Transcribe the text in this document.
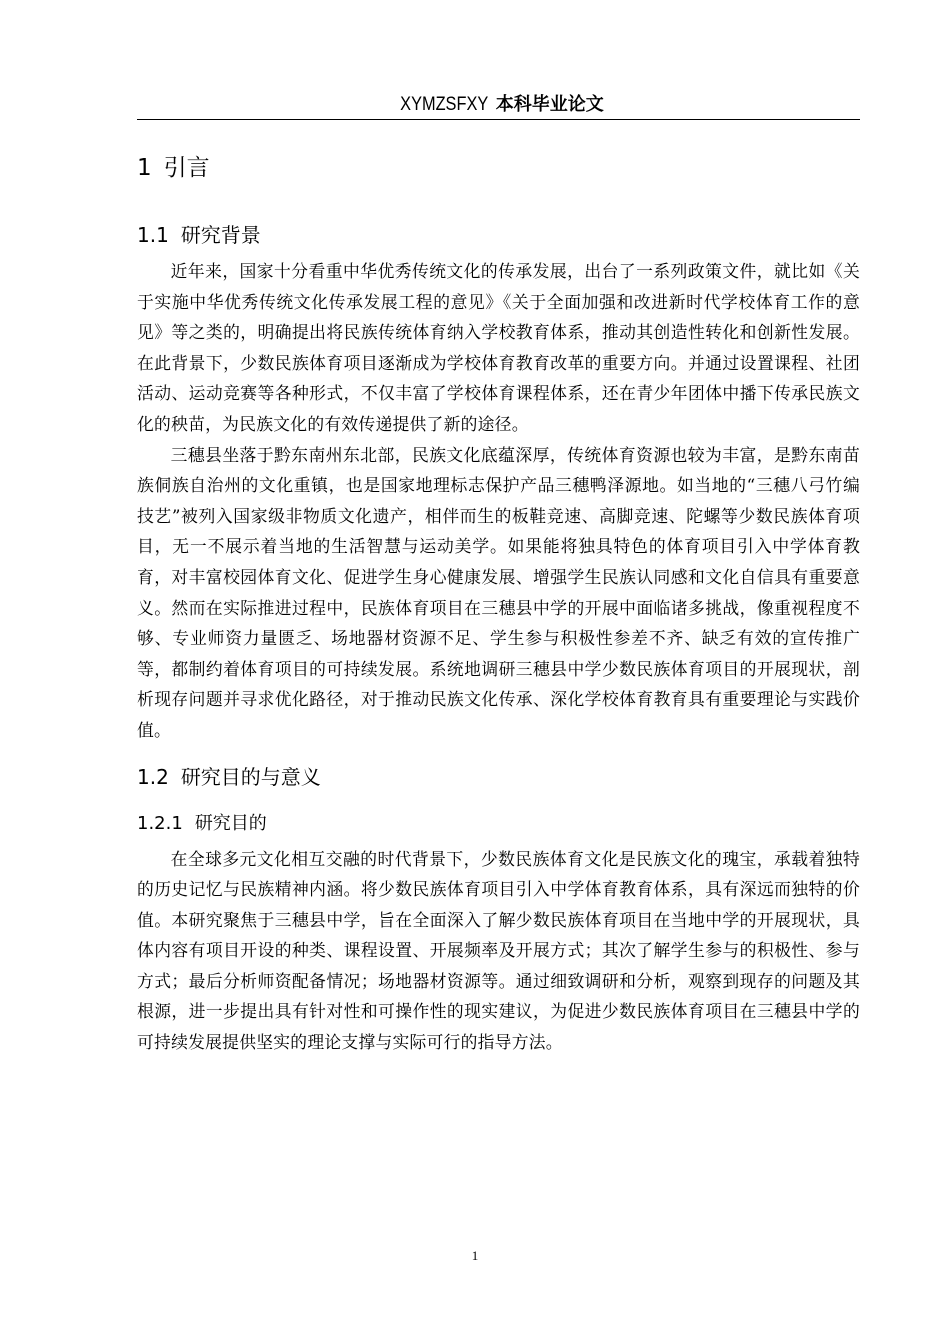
XYMZSFXY 本科毕业论文
1 引言
1.1 研究背景

近年来，国家十分看重中华优秀传统文化的传承发展，出台了一系列政策文件，就比如《关于实施中华优秀传统文化传承发展工程的意见》《关于全面加强和改进新时代学校体育工作的意见》等之类的，明确提出将民族传统体育纳入学校教育体系，推动其创造性转化和创新性发展。在此背景下，少数民族体育项目逐渐成为学校体育教育改革的重要方向。并通过设置课程、社团活动、运动竞赛等各种形式，不仅丰富了学校体育课程体系，还在青少年团体中播下传承民族文化的秧苗，为民族文化的有效传递提供了新的途径。

三穗县坐落于黔东南州东北部，民族文化底蕴深厚，传统体育资源也较为丰富，是黔东南苗族侗族自治州的文化重镇，也是国家地理标志保护产品三穗鸭泽源地。如当地的“三穗八弓竹编技艺”被列入国家级非物质文化遗产，相伴而生的板鞋竞速、高脚竞速、陀螺等少数民族体育项目，无一不展示着当地的生活智慧与运动美学。如果能将独具特色的体育项目引入中学体育教育，对丰富校园体育文化、促进学生身心健康发展、增强学生民族认同感和文化自信具有重要意义。然而在实际推进过程中，民族体育项目在三穗县中学的开展中面临诸多挑战，像重视程度不够、专业师资力量匮乏、场地器材资源不足、学生参与积极性参差不齐、缺乏有效的宣传推广等，都制约着体育项目的可持续发展。系统地调研三穗县中学少数民族体育项目的开展现状，剖析现存问题并寻求优化路径，对于推动民族文化传承、深化学校体育教育具有重要理论与实践价值。

1.2 研究目的与意义
1.2.1 研究目的

在全球多元文化相互交融的时代背景下，少数民族体育文化是民族文化的瑰宝，承载着独特的历史记忆与民族精神内涵。将少数民族体育项目引入中学体育教育体系，具有深远而独特的价值。本研究聚焦于三穗县中学，旨在全面深入了解少数民族体育项目在当地中学的开展现状，具体内容有项目开设的种类、课程设置、开展频率及开展方式；其次了解学生参与的积极性、参与方式；最后分析师资配备情况；场地器材资源等。通过细致调研和分析，观察到现存的问题及其根源，进一步提出具有针对性和可操作性的现实建议，为促进少数民族体育项目在三穗县中学的可持续发展提供坚实的理论支撑与实际可行的指导方法。

1
